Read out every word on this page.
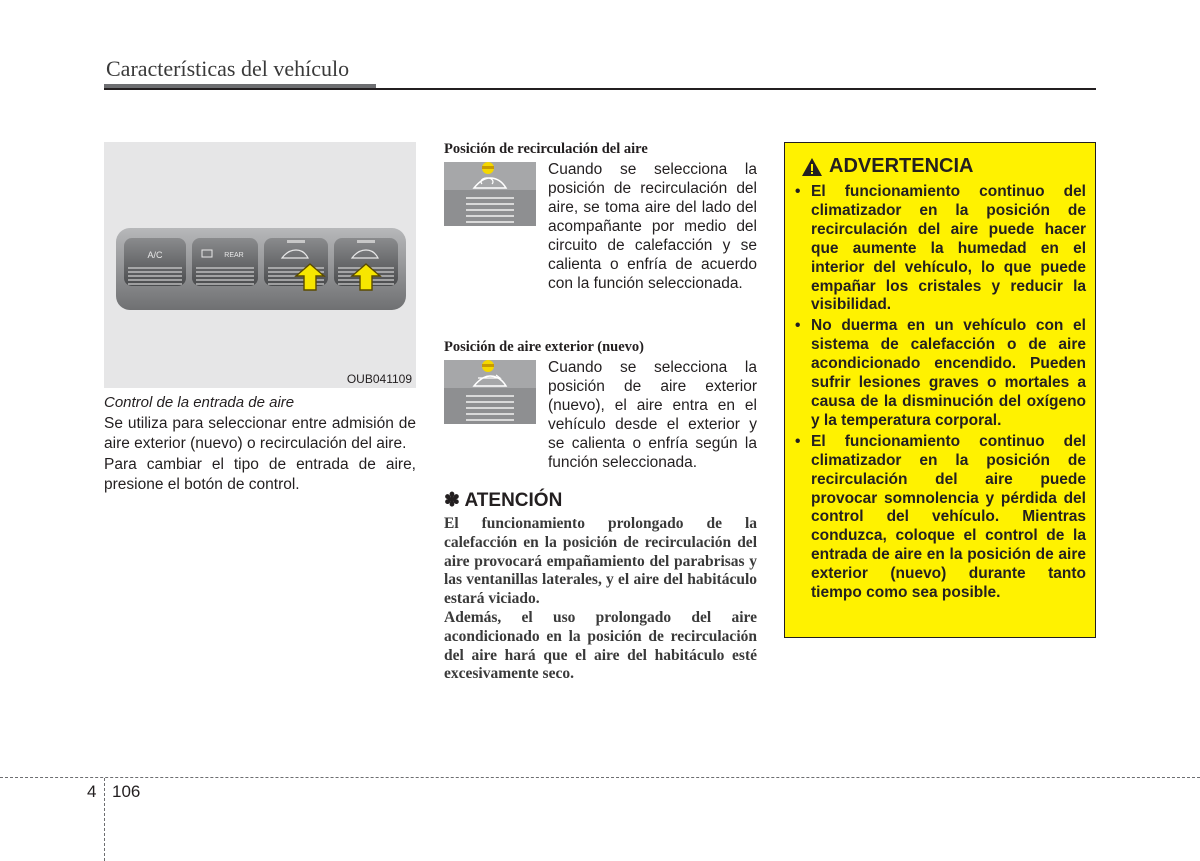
Características del vehículo
A/C	REAR
OUB041109
Control de la entrada de aire

Se utiliza para seleccionar entre admisión de aire exterior (nuevo) o recirculación del aire.

Para cambiar el tipo de entrada de aire, presione el botón de control.

Posición de recirculación del aire

Cuando se selecciona la posición de recirculación del aire, se toma aire del lado del acompañante por medio del circuito de calefacción y se calienta o enfría de acuerdo con la función seleccionada.

Posición de aire exterior (nuevo)

Cuando se selecciona la posición de aire exterior (nuevo), el aire entra en el vehículo desde el exterior y se calienta o enfría según la función seleccionada.

✽ ATENCIÓN

El funcionamiento prolongado de la calefacción en la posición de recirculación del aire provocará empañamiento del parabrisas y las ventanillas laterales, y el aire del habitáculo estará viciado.

Además, el uso prolongado del aire acondicionado en la posición de recirculación del aire hará que el aire del habitáculo esté excesivamente seco.

ADVERTENCIA
• El funcionamiento continuo del climatizador en la posición de recirculación del aire puede hacer que aumente la humedad en el interior del vehículo, lo que puede empañar los cristales y reducir la visibilidad.
• No duerma en un vehículo con el sistema de calefacción o de aire acondicionado encendido. Pueden sufrir lesiones graves o mortales a causa de la disminución del oxígeno y la temperatura corporal.
• El funcionamiento continuo del climatizador en la posición de recirculación del aire puede provocar somnolencia y pérdida del control del vehículo. Mientras conduzca, coloque el control de la entrada de aire en la posición de aire exterior (nuevo) durante tanto tiempo como sea posible.
4 106
